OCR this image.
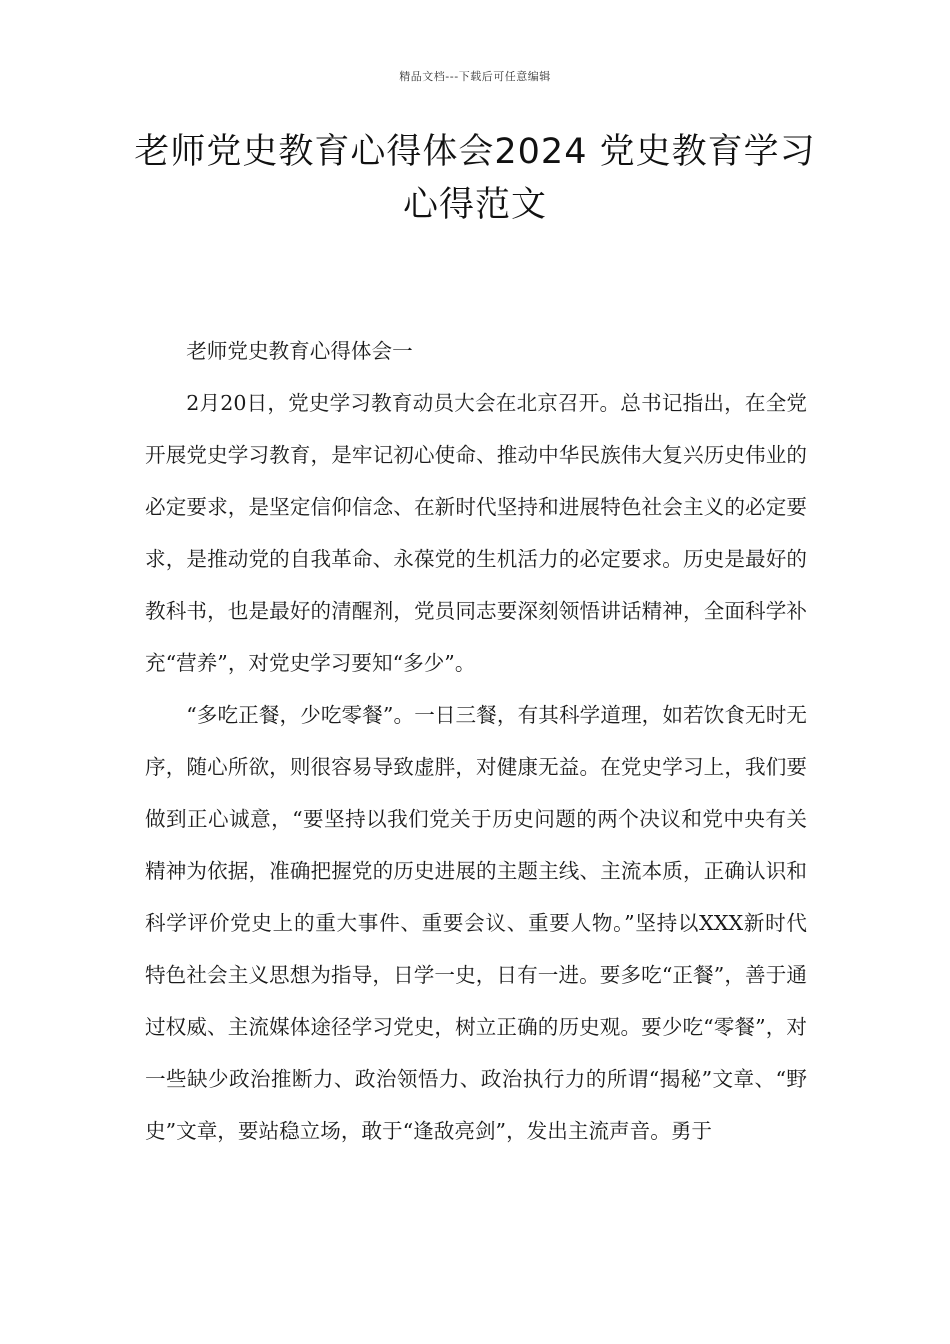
精品文档---下载后可任意编辑
老师党史教育心得体会2024 党史教育学习心得范文

老师党史教育心得体会一

2月20日，党史学习教育动员大会在北京召开。总书记指出，在全党开展党史学习教育，是牢记初心使命、推动中华民族伟大复兴历史伟业的必定要求，是坚定信仰信念、在新时代坚持和进展特色社会主义的必定要求，是推动党的自我革命、永葆党的生机活力的必定要求。历史是最好的教科书，也是最好的清醒剂，党员同志要深刻领悟讲话精神，全面科学补充“营养”，对党史学习要知“多少”。

“多吃正餐，少吃零餐”。一日三餐，有其科学道理，如若饮食无时无序，随心所欲，则很容易导致虚胖，对健康无益。在党史学习上，我们要做到正心诚意，“要坚持以我们党关于历史问题的两个决议和党中央有关精神为依据，准确把握党的历史进展的主题主线、主流本质，正确认识和科学评价党史上的重大事件、重要会议、重要人物。”坚持以XXX新时代特色社会主义思想为指导，日学一史，日有一进。要多吃“正餐”，善于通过权威、主流媒体途径学习党史，树立正确的历史观。要少吃“零餐”，对一些缺少政治推断力、政治领悟力、政治执行力的所谓“揭秘”文章、“野史”文章，要站稳立场，敢于“逢敌亮剑”，发出主流声音。勇于
